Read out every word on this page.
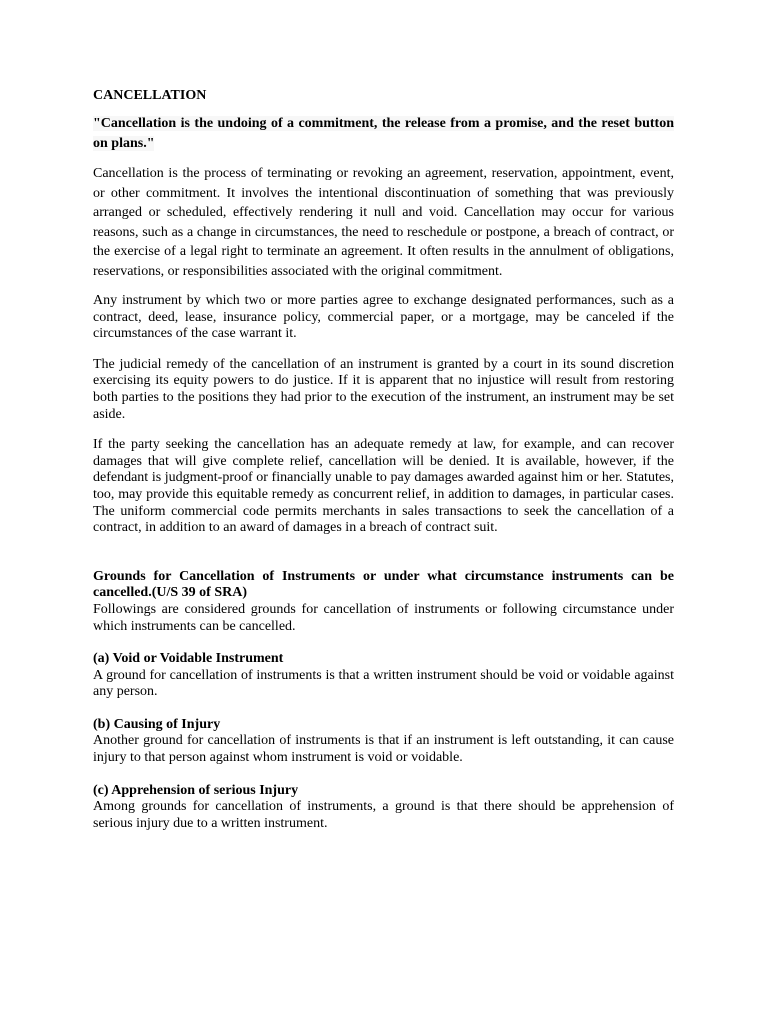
CANCELLATION

"Cancellation is the undoing of a commitment, the release from a promise, and the reset button on plans."

Cancellation is the process of terminating or revoking an agreement, reservation, appointment, event, or other commitment. It involves the intentional discontinuation of something that was previously arranged or scheduled, effectively rendering it null and void. Cancellation may occur for various reasons, such as a change in circumstances, the need to reschedule or postpone, a breach of contract, or the exercise of a legal right to terminate an agreement. It often results in the annulment of obligations, reservations, or responsibilities associated with the original commitment.

Any instrument by which two or more parties agree to exchange designated performances, such as a contract, deed, lease, insurance policy, commercial paper, or a mortgage, may be canceled if the circumstances of the case warrant it.

The judicial remedy of the cancellation of an instrument is granted by a court in its sound discretion exercising its equity powers to do justice. If it is apparent that no injustice will result from restoring both parties to the positions they had prior to the execution of the instrument, an instrument may be set aside.

If the party seeking the cancellation has an adequate remedy at law, for example, and can recover damages that will give complete relief, cancellation will be denied. It is available, however, if the defendant is judgment-proof or financially unable to pay damages awarded against him or her. Statutes, too, may provide this equitable remedy as concurrent relief, in addition to damages, in particular cases. The uniform commercial code permits merchants in sales transactions to seek the cancellation of a contract, in addition to an award of damages in a breach of contract suit.

Grounds for Cancellation of Instruments or under what circumstance instruments can be cancelled.(U/S 39 of SRA)

Followings are considered grounds for cancellation of instruments or following circumstance under which instruments can be cancelled.

(a) Void or Voidable Instrument

A ground for cancellation of instruments is that a written instrument should be void or voidable against any person.

(b) Causing of Injury

Another ground for cancellation of instruments is that if an instrument is left outstanding, it can cause injury to that person against whom instrument is void or voidable.

(c) Apprehension of serious Injury

Among grounds for cancellation of instruments, a ground is that there should be apprehension of serious injury due to a written instrument.
